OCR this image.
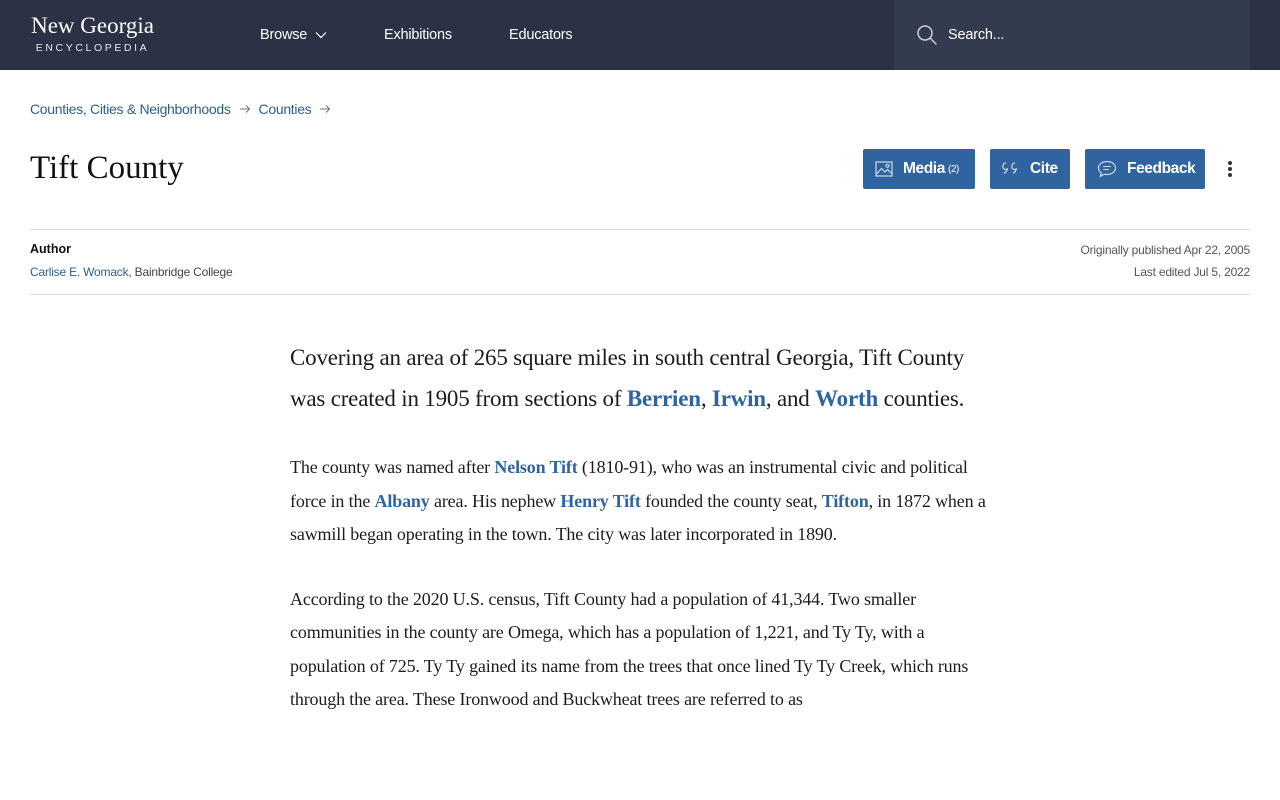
New Georgia
ENCYCLOPEDIA
Browse	Exhibitions	Educators
Search...
Counties, Cities & Neighborhoods Counties
Tift County	Media (2)	Cite	Feedback
Author
Carlise E. Womack, Bainbridge College
Originally published Apr 22, 2005
Last edited Jul 5, 2022

Covering an area of 265 square miles in south central Georgia, Tift County was created in 1905 from sections of Berrien, Irwin, and Worth counties.

The county was named after Nelson Tift (1810-91), who was an instrumental civic and political force in the Albany area. His nephew Henry Tift founded the county seat, Tifton, in 1872 when a sawmill began operating in the town. The city was later incorporated in 1890.

According to the 2020 U.S. census, Tift County had a population of 41,344. Two smaller communities in the county are Omega, which has a population of 1,221, and Ty Ty, with a population of 725. Ty Ty gained its name from the trees that once lined Ty Ty Creek, which runs through the area. These Ironwood and Buckwheat trees are referred to as
